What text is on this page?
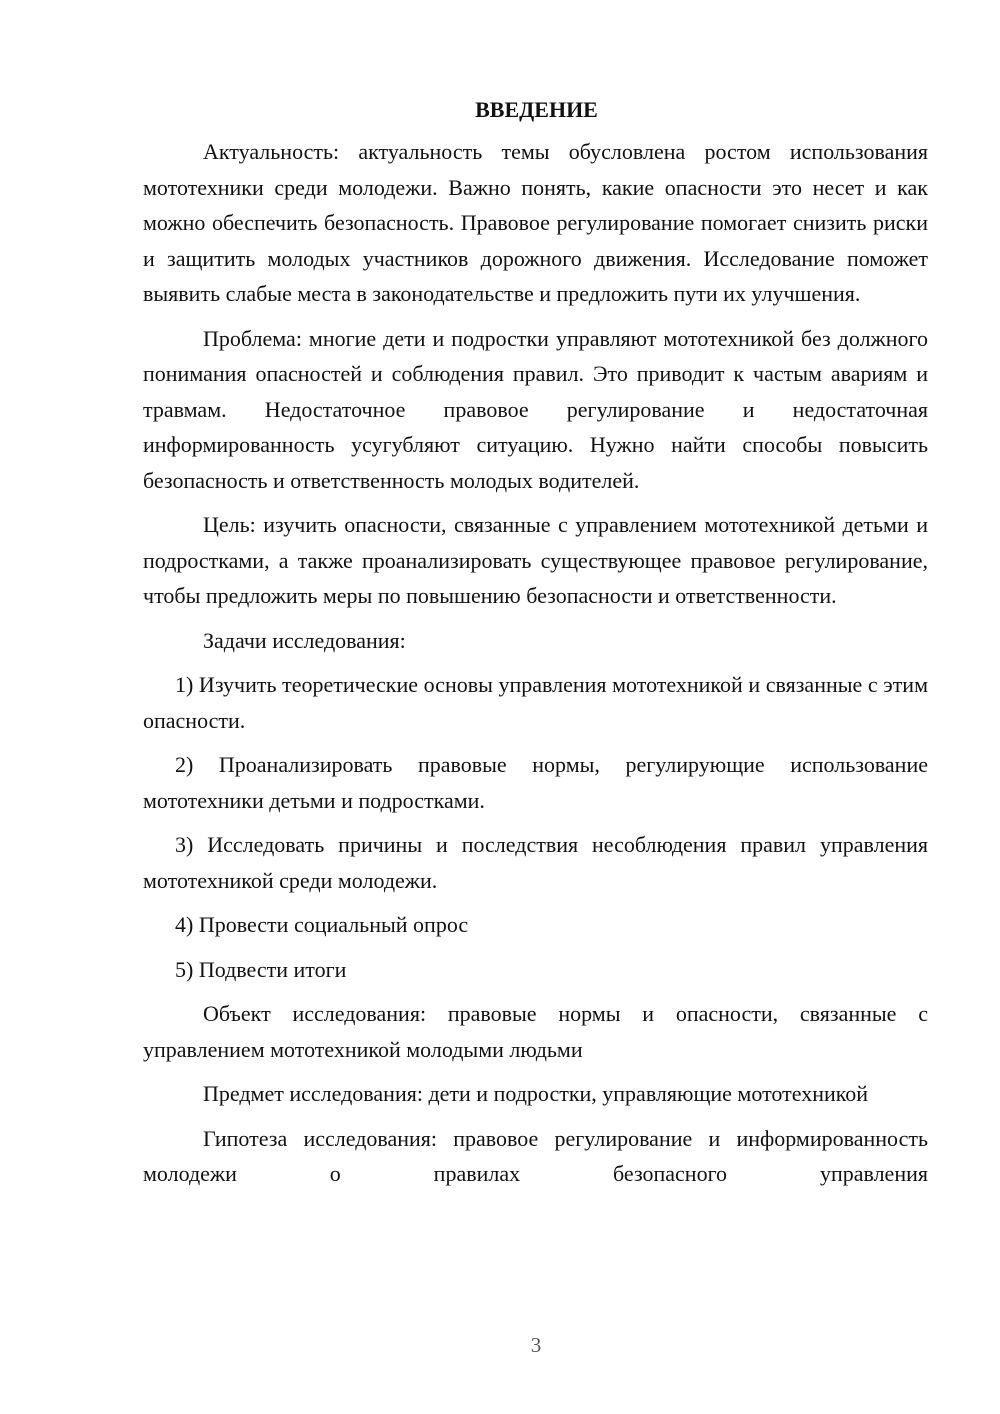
ВВЕДЕНИЕ

Актуальность: актуальность темы обусловлена ростом использования мототехники среди молодежи. Важно понять, какие опасности это несет и как можно обеспечить безопасность. Правовое регулирование помогает снизить риски и защитить молодых участников дорожного движения. Исследование поможет выявить слабые места в законодательстве и предложить пути их улучшения.

Проблема: многие дети и подростки управляют мототехникой без должного понимания опасностей и соблюдения правил. Это приводит к частым авариям и травмам. Недостаточное правовое регулирование и недостаточная информированность усугубляют ситуацию. Нужно найти способы повысить безопасность и ответственность молодых водителей.

Цель: изучить опасности, связанные с управлением мототехникой детьми и подростками, а также проанализировать существующее правовое регулирование, чтобы предложить меры по повышению безопасности и ответственности.

Задачи исследования:

1) Изучить теоретические основы управления мототехникой и связанные с этим опасности.

2) Проанализировать правовые нормы, регулирующие использование мототехники детьми и подростками.

3) Исследовать причины и последствия несоблюдения правил управления мототехникой среди молодежи.

4) Провести социальный опрос

5) Подвести итоги

Объект исследования: правовые нормы и опасности, связанные с управлением мототехникой молодыми людьми

Предмет исследования: дети и подростки, управляющие мототехникой

Гипотеза исследования: правовое регулирование и информированность молодежи о правилах безопасного управления

3
